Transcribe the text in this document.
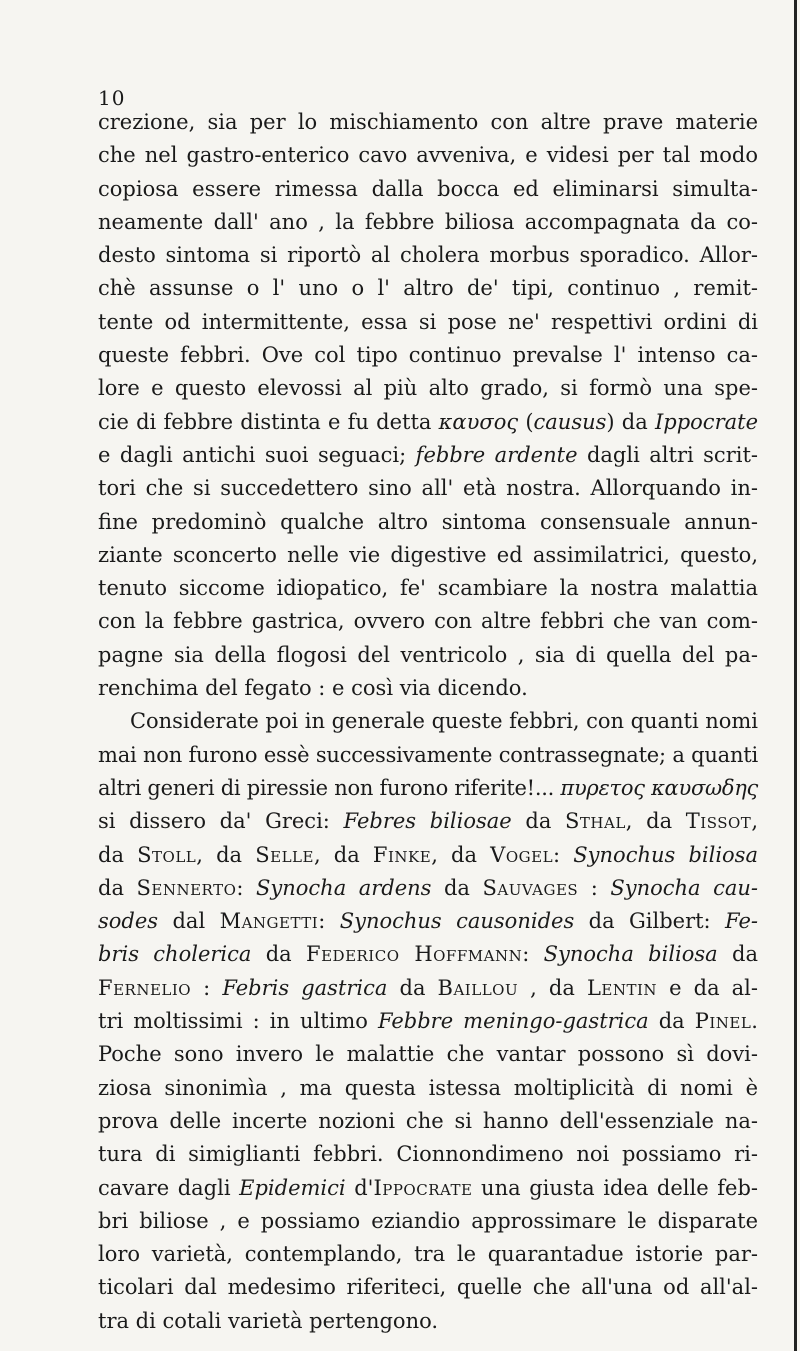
10
crezione, sia per lo mischiamento con altre prave materie
che nel gastro-enterico cavo avveniva, e videsi per tal modo
copiosa essere rimessa dalla bocca ed eliminarsi simulta-
neamente dall' ano , la febbre biliosa accompagnata da co-
desto sintoma si riportò al cholera morbus sporadico. Allor-
chè assunse o l' uno o l' altro de' tipi, continuo , remit-
tente od intermittente, essa si pose ne' respettivi ordini di
queste febbri. Ove col tipo continuo prevalse l' intenso ca-
lore e questo elevossi al più alto grado, si formò una spe-
cie di febbre distinta e fu detta καυσος (causus) da Ippocrate
e dagli antichi suoi seguaci; febbre ardente dagli altri scrit-
tori che si succedettero sino all' età nostra. Allorquando in-
fine predominò qualche altro sintoma consensuale annun-
ziante sconcerto nelle vie digestive ed assimilatrici, questo,
tenuto siccome idiopatico, fe' scambiare la nostra malattia
con la febbre gastrica, ovvero con altre febbri che van com-
pagne sia della flogosi del ventricolo , sia di quella del pa-
renchima del fegato : e così via dicendo.
Considerate poi in generale queste febbri, con quanti nomi
mai non furono essè successivamente contrassegnate; a quanti
altri generi di piressie non furono riferite!... πυρετος καυσωδης
si dissero da' Greci: Febres biliosae da Sthal, da Tissot,
da Stoll, da Selle, da Finke, da Vogel: Synochus biliosa
da Sennerto: Synocha ardens da Sauvages : Synocha cau-
sodes dal Mangetti: Synochus causonides da Gilbert: Fe-
bris cholerica da Federico Hoffmann: Synocha biliosa da
Fernelio : Febris gastrica da Baillou , da Lentin e da al-
tri moltissimi : in ultimo Febbre meningo-gastrica da Pinel.
Poche sono invero le malattie che vantar possono sì dovi-
ziosa sinonimìa , ma questa istessa moltiplicità di nomi è
prova delle incerte nozioni che si hanno dell'essenziale na-
tura di simiglianti febbri. Cionnondimeno noi possiamo ri-
cavare dagli Epidemici d'Ippocrate una giusta idea delle feb-
bri biliose , e possiamo eziandio approssimare le disparate
loro varietà, contemplando, tra le quarantadue istorie par-
ticolari dal medesimo riferiteci, quelle che all'una od all'al-
tra di cotali varietà pertengono.
